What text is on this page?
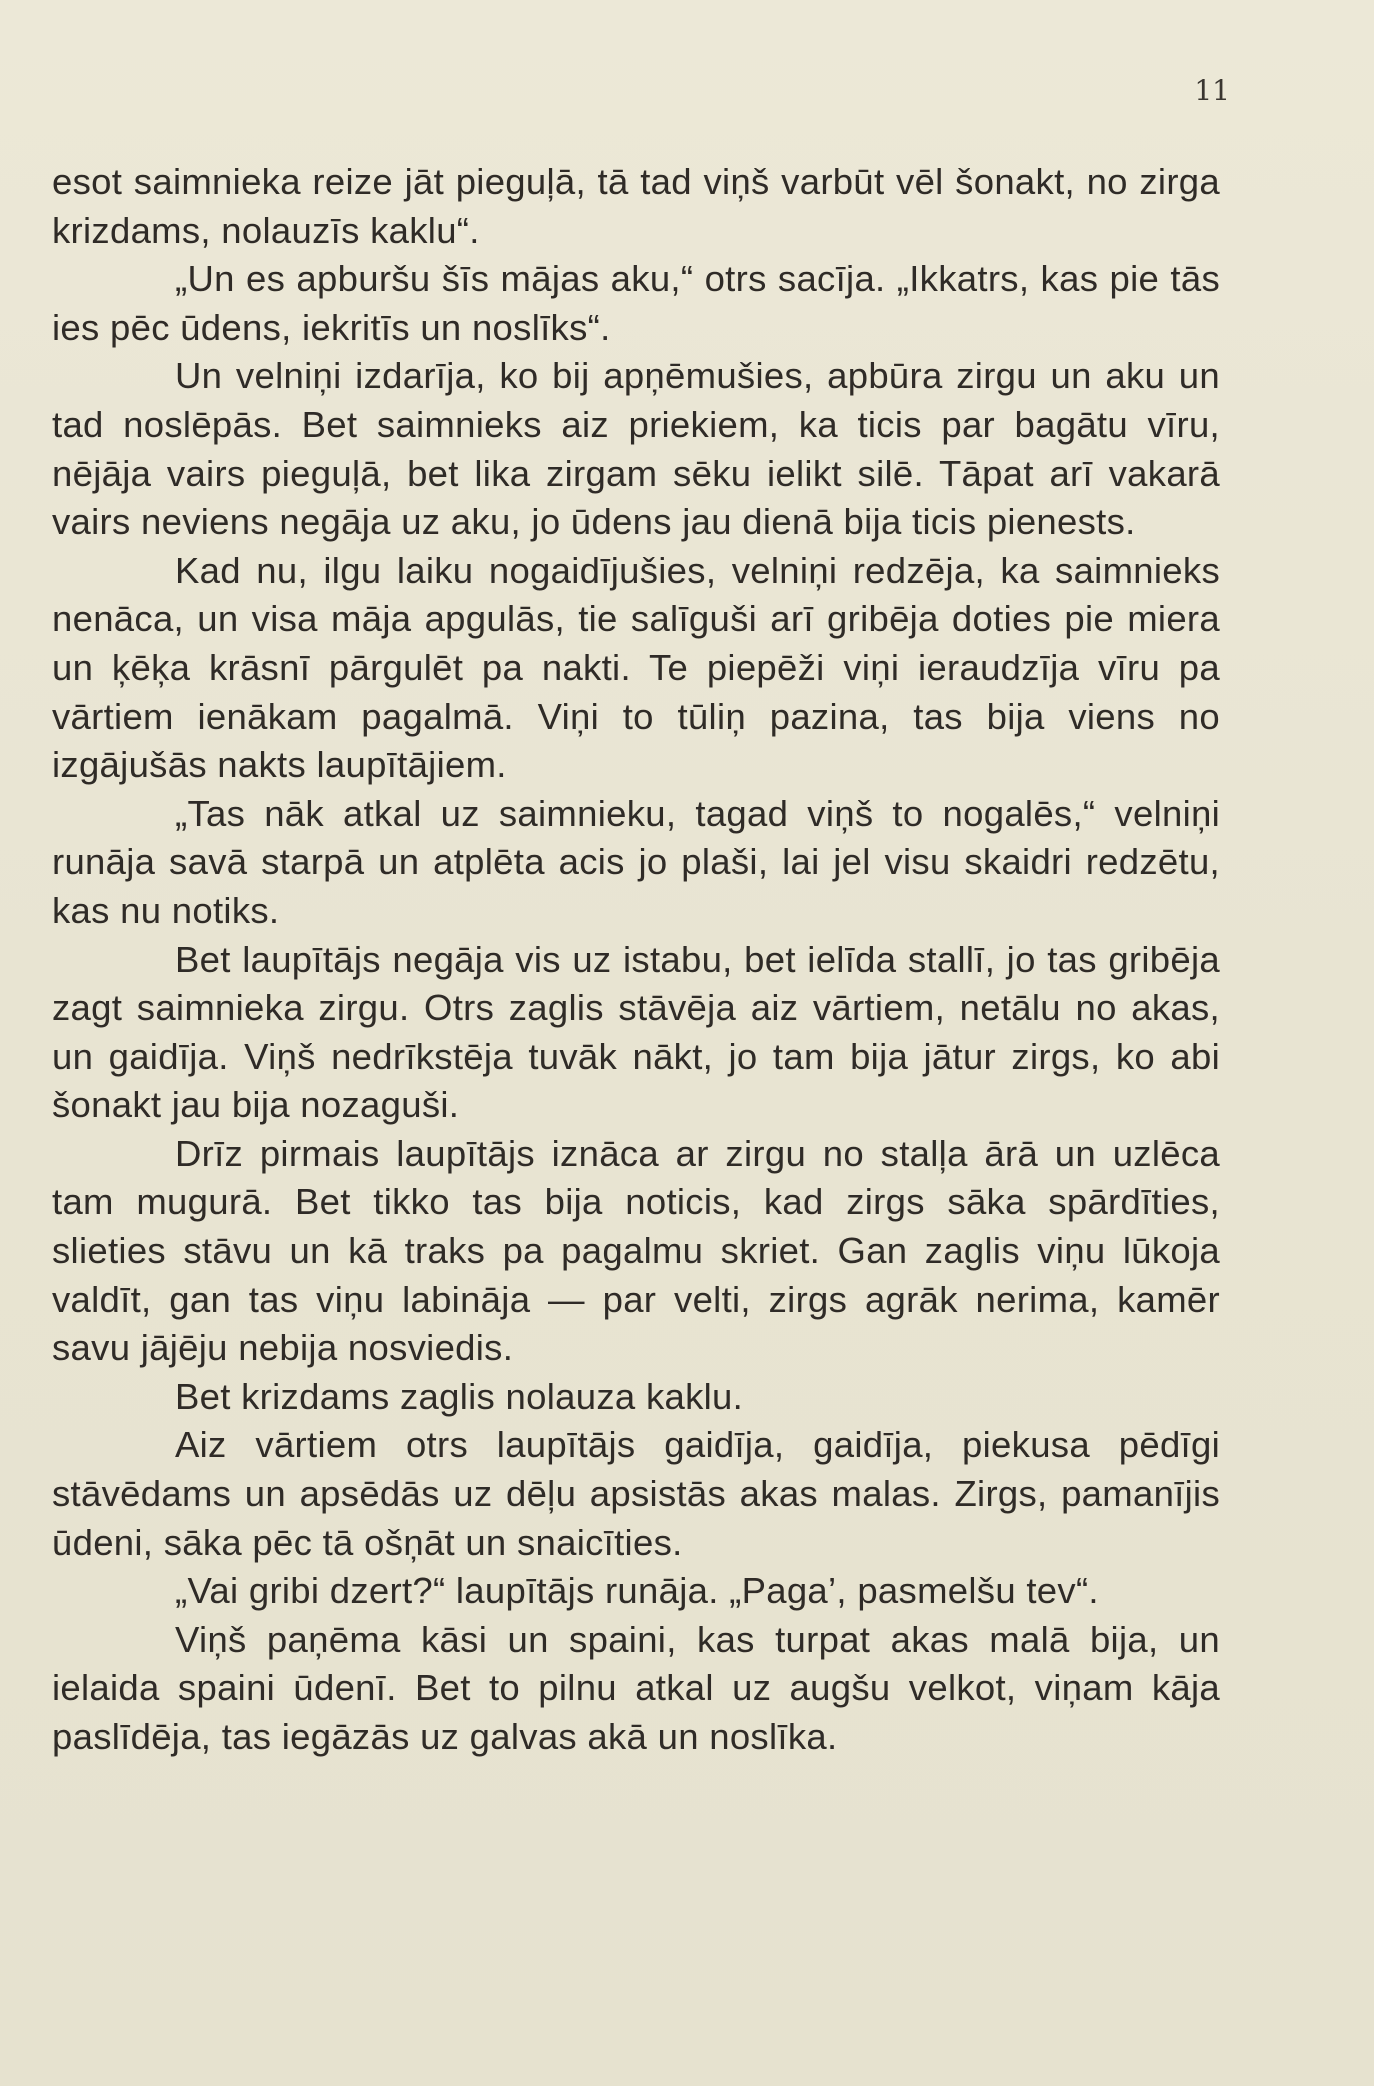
11

esot saimnieka reize jāt pieguļā, tā tad viņš varbūt vēl šonakt, no zirga krizdams, nolauzīs kaklu“.

„Un es apburšu šīs mājas aku,“ otrs sacīja. „Ikkatrs, kas pie tās ies pēc ūdens, iekritīs un noslīks“.

Un velniņi izdarīja, ko bij apņēmušies, apbūra zirgu un aku un tad noslēpās. Bet saimnieks aiz priekiem, ka ticis par bagātu vīru, nējāja vairs pieguļā, bet lika zirgam sēku ielikt silē. Tāpat arī vakarā vairs neviens negāja uz aku, jo ūdens jau dienā bija ticis pienests.

Kad nu, ilgu laiku nogaidījušies, velniņi redzēja, ka saimnieks nenāca, un visa māja apgulās, tie salīguši arī gribēja doties pie miera un ķēķa krāsnī pārgulēt pa nakti. Te piepēži viņi ieraudzīja vīru pa vārtiem ienākam pagalmā. Viņi to tūliņ pazina, tas bija viens no izgājušās nakts laupītājiem.

„Tas nāk atkal uz saimnieku, tagad viņš to nogalēs,“ velniņi runāja savā starpā un atplēta acis jo plaši, lai jel visu skaidri redzētu, kas nu notiks.

Bet laupītājs negāja vis uz istabu, bet ielīda stallī, jo tas gribēja zagt saimnieka zirgu. Otrs zaglis stāvēja aiz vārtiem, netālu no akas, un gaidīja. Viņš nedrīkstēja tuvāk nākt, jo tam bija jātur zirgs, ko abi šonakt jau bija nozaguši.

Drīz pirmais laupītājs iznāca ar zirgu no stalļa ārā un uzlēca tam mugurā. Bet tikko tas bija noticis, kad zirgs sāka spārdīties, slieties stāvu un kā traks pa pagalmu skriet. Gan zaglis viņu lūkoja valdīt, gan tas viņu labināja — par velti, zirgs agrāk nerima, kamēr savu jājēju nebija nosviedis.

Bet krizdams zaglis nolauza kaklu.

Aiz vārtiem otrs laupītājs gaidīja, gaidīja, piekusa pēdīgi stāvēdams un apsēdās uz dēļu apsistās akas malas. Zirgs, pamanījis ūdeni, sāka pēc tā ošņāt un snaicīties.

„Vai gribi dzert?“ laupītājs runāja. „Paga’, pasmelšu tev“.

Viņš paņēma kāsi un spaini, kas turpat akas malā bija, un ielaida spaini ūdenī. Bet to pilnu atkal uz augšu velkot, viņam kāja paslīdēja, tas iegāzās uz galvas akā un noslīka.
